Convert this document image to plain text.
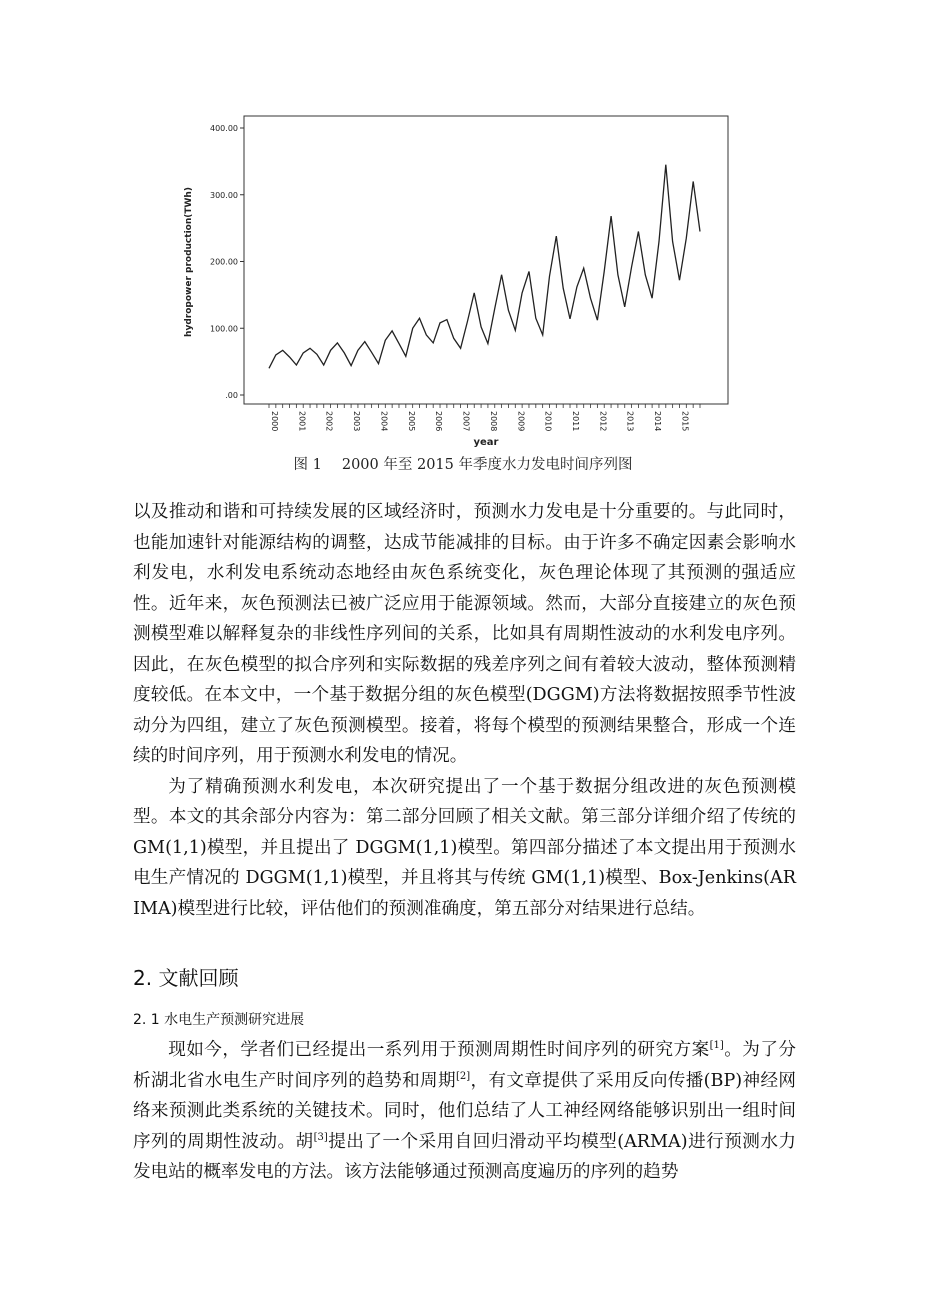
.00
100.00
200.00
300.00
400.00
2000 2001 2002 2003 2004 2005 2006 2007 2008 2009 2010 2011 2012 2013 2014 2015
year
hydropower production(TWh)
图 1 2000 年至 2015 年季度水力发电时间序列图

以及推动和谐和可持续发展的区域经济时，预测水力发电是十分重要的。与此同时，也能加速针对能源结构的调整，达成节能减排的目标。由于许多不确定因素会影响水利发电，水利发电系统动态地经由灰色系统变化，灰色理论体现了其预测的强适应性。近年来，灰色预测法已被广泛应用于能源领域。然而，大部分直接建立的灰色预测模型难以解释复杂的非线性序列间的关系，比如具有周期性波动的水利发电序列。因此，在灰色模型的拟合序列和实际数据的残差序列之间有着较大波动，整体预测精度较低。在本文中，一个基于数据分组的灰色模型(DGGM)方法将数据按照季节性波动分为四组，建立了灰色预测模型。接着，将每个模型的预测结果整合，形成一个连续的时间序列，用于预测水利发电的情况。

为了精确预测水利发电，本次研究提出了一个基于数据分组改进的灰色预测模型。本文的其余部分内容为：第二部分回顾了相关文献。第三部分详细介绍了传统的 GM(1,1)模型，并且提出了 DGGM(1,1)模型。第四部分描述了本文提出用于预测水电生产情况的 DGGM(1,1)模型，并且将其与传统 GM(1,1)模型、Box-Jenkins(ARIMA)模型进行比较，评估他们的预测准确度，第五部分对结果进行总结。

2. 文献回顾
2. 1 水电生产预测研究进展

现如今，学者们已经提出一系列用于预测周期性时间序列的研究方案[1]。为了分析湖北省水电生产时间序列的趋势和周期[2]，有文章提供了采用反向传播(BP)神经网络来预测此类系统的关键技术。同时，他们总结了人工神经网络能够识别出一组时间序列的周期性波动。胡[3]提出了一个采用自回归滑动平均模型(ARMA)进行预测水力发电站的概率发电的方法。该方法能够通过预测高度遍历的序列的趋势
